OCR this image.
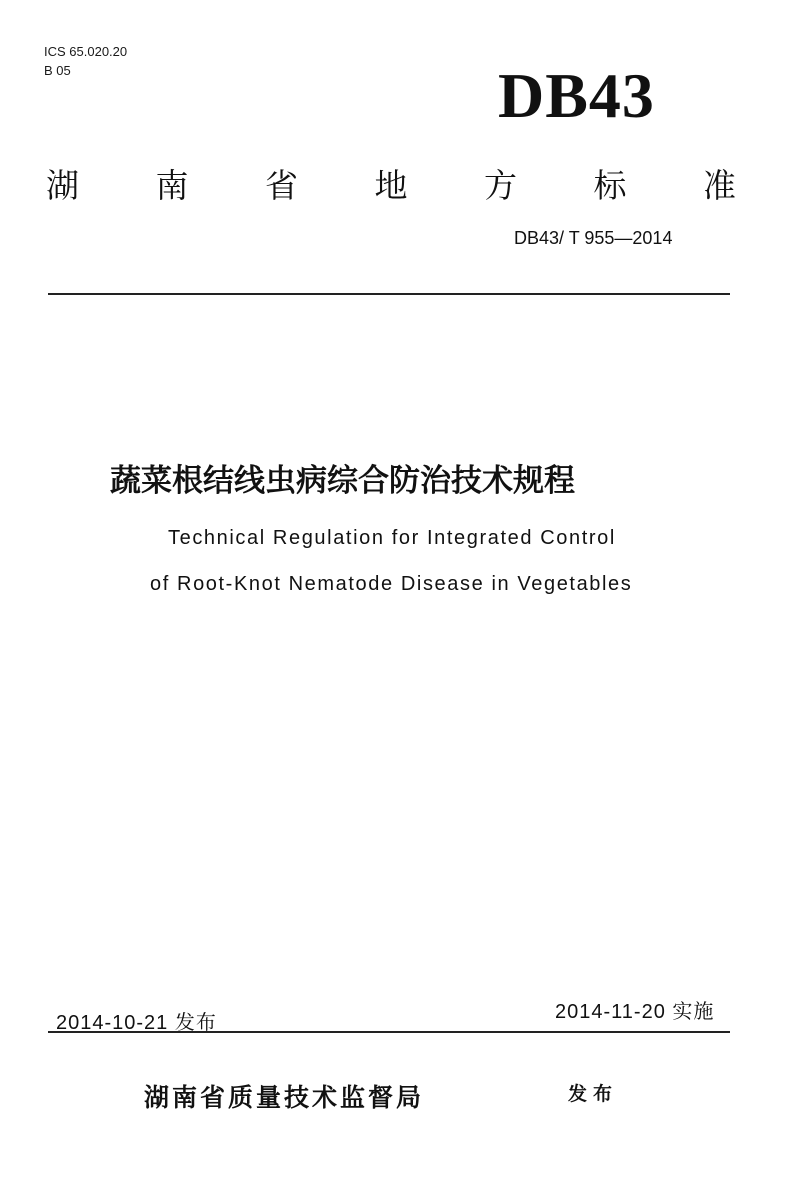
ICS 65.020.20
B 05	DB43
湖 南 省 地 方 标 准
DB43/ T 955—2014
蔬菜根结线虫病综合防治技术规程
Technical Regulation for Integrated Control
of Root-Knot Nematode Disease in Vegetables
2014-10-21 发布	2014-11-20 实施
湖南省质量技术监督局	发布
